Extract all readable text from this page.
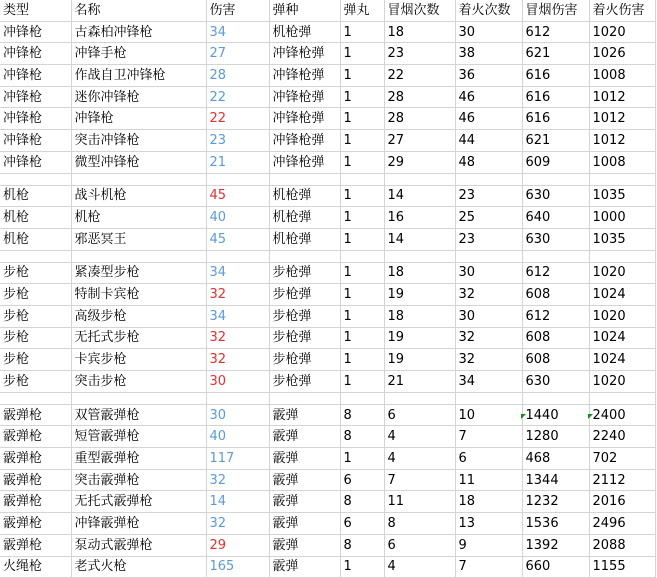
类型	名称	伤害	弹种	弹丸	冒烟次数	着火次数	冒烟伤害	着火伤害
冲锋枪	古森柏冲锋枪	34	机枪弹	1	18	30	612	1020
冲锋枪	冲锋手枪	27	冲锋枪弹	1	23	38	621	1026
冲锋枪	作战自卫冲锋枪	28	冲锋枪弹	1	22	36	616	1008
冲锋枪	迷你冲锋枪	22	冲锋枪弹	1	28	46	616	1012
冲锋枪	冲锋枪	22	冲锋枪弹	1	28	46	616	1012
冲锋枪	突击冲锋枪	23	冲锋枪弹	1	27	44	621	1012
冲锋枪	微型冲锋枪	21	冲锋枪弹	1	29	48	609	1008

机枪	战斗机枪	45	机枪弹	1	14	23	630	1035
机枪	机枪	40	机枪弹	1	16	25	640	1000
机枪	邪恶冥王	45	机枪弹	1	14	23	630	1035

步枪	紧凑型步枪	34	步枪弹	1	18	30	612	1020
步枪	特制卡宾枪	32	步枪弹	1	19	32	608	1024
步枪	高级步枪	34	步枪弹	1	18	30	612	1020
步枪	无托式步枪	32	步枪弹	1	19	32	608	1024
步枪	卡宾步枪	32	步枪弹	1	19	32	608	1024
步枪	突击步枪	30	步枪弹	1	21	34	630	1020

霰弹枪	双管霰弹枪	30	霰弹	8	6	10	1440	2400
霰弹枪	短管霰弹枪	40	霰弹	8	4	7	1280	2240
霰弹枪	重型霰弹枪	117	霰弹	1	4	6	468	702
霰弹枪	突击霰弹枪	32	霰弹	6	7	11	1344	2112
霰弹枪	无托式霰弹枪	14	霰弹	8	11	18	1232	2016
霰弹枪	冲锋霰弹枪	32	霰弹	6	8	13	1536	2496
霰弹枪	泵动式霰弹枪	29	霰弹	8	6	9	1392	2088
火绳枪	老式火枪	165	霰弹	1	4	7	660	1155
